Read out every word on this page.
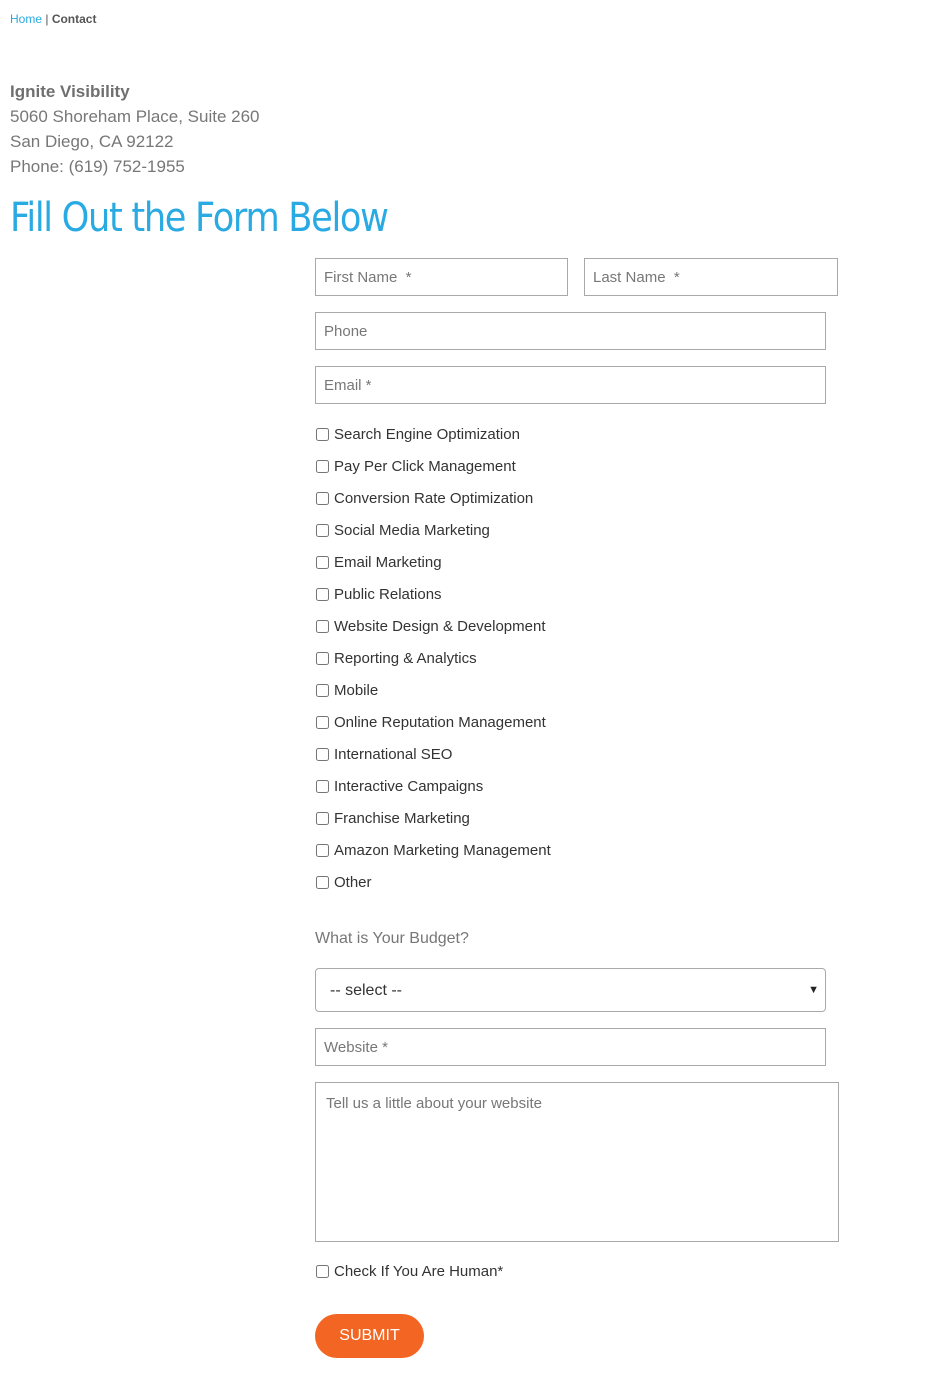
Home | Contact
Ignite Visibility
5060 Shoreham Place, Suite 260
San Diego, CA 92122
Phone: (619) 752-1955
Fill Out the Form Below
First Name *
Last Name *
Phone
Email *
Search Engine Optimization
Pay Per Click Management
Conversion Rate Optimization
Social Media Marketing
Email Marketing
Public Relations
Website Design & Development
Reporting & Analytics
Mobile
Online Reputation Management
International SEO
Interactive Campaigns
Franchise Marketing
Amazon Marketing Management
Other
What is Your Budget?
-- select --	▼
Website *
Tell us a little about your website
Check If You Are Human*
SUBMIT
